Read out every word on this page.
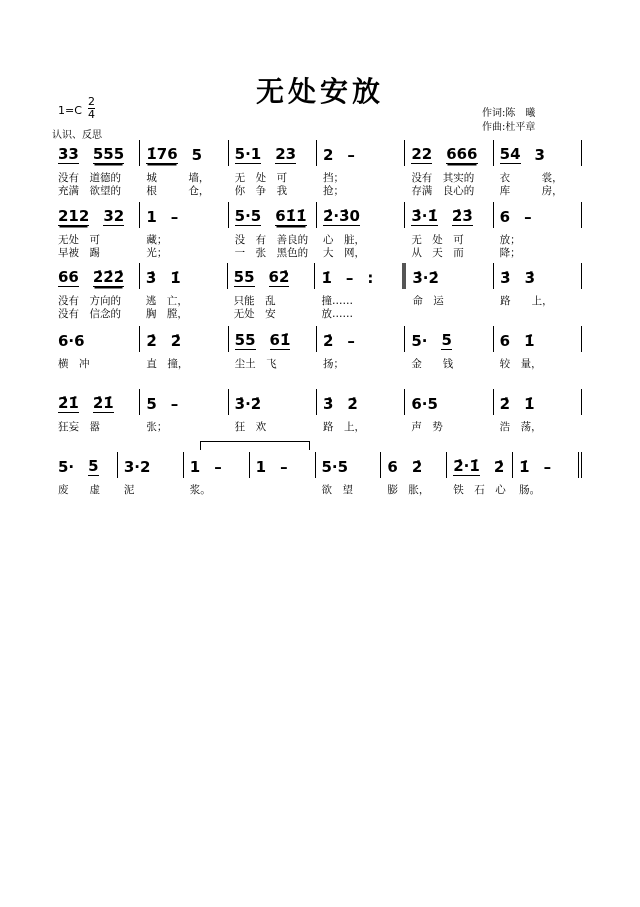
无处安放
$1=C \frac{2}{4}$
认识、反思
作词:陈　曦
作曲:杜平章
33 555
没有　道德的
充满　欲望的
1̇76 5
城　　　墙，
根　　　仓，
5·1 23
无　处　可
你　争　我
2 –
挡；
抢；
22 666
没有　其实的
存满　良心的
54 3
衣　　　裳，
库　　　房，
212 32
无处　可
早被　踢
1 –
藏；
光；
5·5 61̇1̇
没　有　善良的
一　张　黑色的
2̇·3̇0
心　脏，
大　网，
3̇·1̇ 2̇3̇
无　处　可
从　天　而
6 –
放；
降；
66 2̇2̇2̇
没有　方向的
没有　信念的
3̇ 1̇
逃　亡，
胸　膛，
55 62̇
只能　乱
无处　安
1̇ – :
撞……
放……
3̇·2̇
命　运
3̇ 3̇
路　　上，
6·6
横　冲
2̇ 2̇
直　撞，
55 61̇
尘土　飞
2̇ –
扬；
5· 5
金　　钱
6 1̇
较　量，
2̇1̇ 2̇1̇
狂妄　嚣
5 –
张；
3̇·2̇
狂　欢
3̇ 2̇
路　上，
6·5
声　势
2̇ 1̇
浩　荡，
5· 5
废　　虚
3·2
泥
1 –
浆。
1 – 5·5
欲　望
6 2̇
膨　胀，
2̇·1̇ 2̇
铁　石　心
1̇ –
肠。
